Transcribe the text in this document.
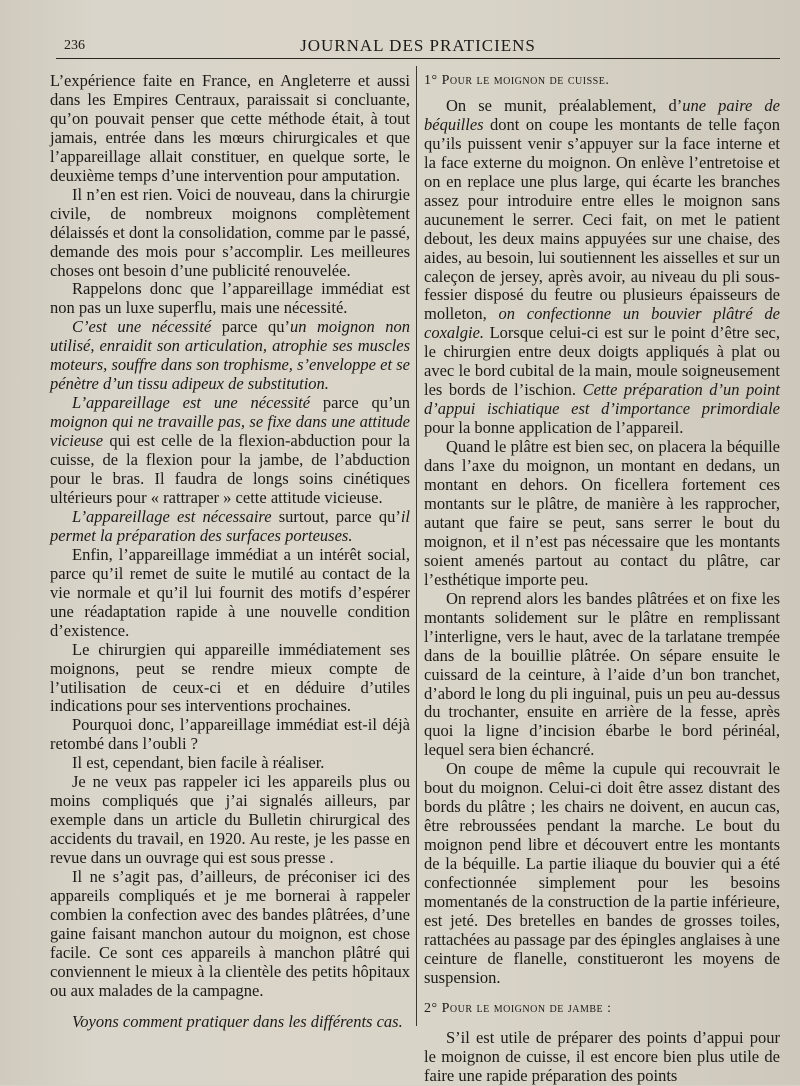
236	JOURNAL DES PRATICIENS

L’expérience faite en France, en Angleterre et aussi dans les Empires Centraux, paraissait si concluante, qu’on pouvait penser que cette méthode était, à tout jamais, entrée dans les mœurs chirurgicales et que l’appareillage allait constituer, en quelque sorte, le deuxième temps d’une intervention pour amputation.

Il n’en est rien. Voici de nouveau, dans la chirurgie civile, de nombreux moignons complètement délaissés et dont la consolidation, comme par le passé, demande des mois pour s’accomplir. Les meilleures choses ont besoin d’une publicité renouvelée.

Rappelons donc que l’appareillage immédiat est non pas un luxe superflu, mais une nécessité.

C’est une nécessité parce qu’un moignon non utilisé, enraidit son articulation, atrophie ses muscles moteurs, souffre dans son trophisme, s’enveloppe et se pénètre d’un tissu adipeux de substitution.

L’appareillage est une nécessité parce qu’un moignon qui ne travaille pas, se fixe dans une attitude vicieuse qui est celle de la flexion-abduction pour la cuisse, de la flexion pour la jambe, de l’abduction pour le bras. Il faudra de longs soins cinétiques ultérieurs pour « rattraper » cette attitude vicieuse.

L’appareillage est nécessaire surtout, parce qu’il permet la préparation des surfaces porteuses.

Enfin, l’appareillage immédiat a un intérêt social, parce qu’il remet de suite le mutilé au contact de la vie normale et qu’il lui fournit des motifs d’espérer une réadaptation rapide à une nouvelle condition d’existence.

Le chirurgien qui appareille immédiatement ses moignons, peut se rendre mieux compte de l’utilisation de ceux-ci et en déduire d’utiles indications pour ses interventions prochaines.

Pourquoi donc, l’appareillage immédiat est-il déjà retombé dans l’oubli ?

Il est, cependant, bien facile à réaliser.

Je ne veux pas rappeler ici les appareils plus ou moins compliqués que j’ai signalés ailleurs, par exemple dans un article du Bulletin chirurgical des accidents du travail, en 1920. Au reste, je les passe en revue dans un ouvrage qui est sous presse .

Il ne s’agit pas, d’ailleurs, de préconiser ici des appareils compliqués et je me bornerai à rappeler combien la confection avec des bandes plâtrées, d’une gaine faisant manchon autour du moignon, est chose facile. Ce sont ces appareils à manchon plâtré qui conviennent le mieux à la clientèle des petits hôpitaux ou aux malades de la campagne.

Voyons comment pratiquer dans les différents cas.

1° Pour le moignon de cuisse.

On se munit, préalablement, d’une paire de béquilles dont on coupe les montants de telle façon qu’ils puissent venir s’appuyer sur la face interne et la face externe du moignon. On enlève l’entretoise et on en replace une plus large, qui écarte les branches assez pour introduire entre elles le moignon sans aucunement le serrer. Ceci fait, on met le patient debout, les deux mains appuyées sur une chaise, des aides, au besoin, lui soutiennent les aisselles et sur un caleçon de jersey, après avoir, au niveau du pli sous-fessier disposé du feutre ou plusieurs épaisseurs de molleton, on confectionne un bouvier plâtré de coxalgie. Lorsque celui-ci est sur le point d’être sec, le chirurgien entre deux doigts appliqués à plat ou avec le bord cubital de la main, moule soigneusement les bords de l’ischion. Cette préparation d’un point d’appui ischiatique est d’importance primordiale pour la bonne application de l’appareil.

Quand le plâtre est bien sec, on placera la béquille dans l’axe du moignon, un montant en dedans, un montant en dehors. On ficellera fortement ces montants sur le plâtre, de manière à les rapprocher, autant que faire se peut, sans serrer le bout du moignon, et il n’est pas nécessaire que les montants soient amenés partout au contact du plâtre, car l’esthétique importe peu.

On reprend alors les bandes plâtrées et on fixe les montants solidement sur le plâtre en remplissant l’interligne, vers le haut, avec de la tarlatane trempée dans de la bouillie plâtrée. On sépare ensuite le cuissard de la ceinture, à l’aide d’un bon tranchet, d’abord le long du pli inguinal, puis un peu au-dessus du trochanter, ensuite en arrière de la fesse, après quoi la ligne d’incision ébarbe le bord périnéal, lequel sera bien échancré.

On coupe de même la cupule qui recouvrait le bout du moignon. Celui-ci doit être assez distant des bords du plâtre ; les chairs ne doivent, en aucun cas, être rebroussées pendant la marche. Le bout du moignon pend libre et découvert entre les montants de la béquille. La partie iliaque du bouvier qui a été confectionnée simplement pour les besoins momentanés de la construction de la partie inférieure, est jeté. Des bretelles en bandes de grosses toiles, rattachées au passage par des épingles anglaises à une ceinture de flanelle, constitueront les moyens de suspension.

2° Pour le moignon de jambe :

S’il est utile de préparer des points d’appui pour le moignon de cuisse, il est encore bien plus utile de faire une rapide préparation des points
